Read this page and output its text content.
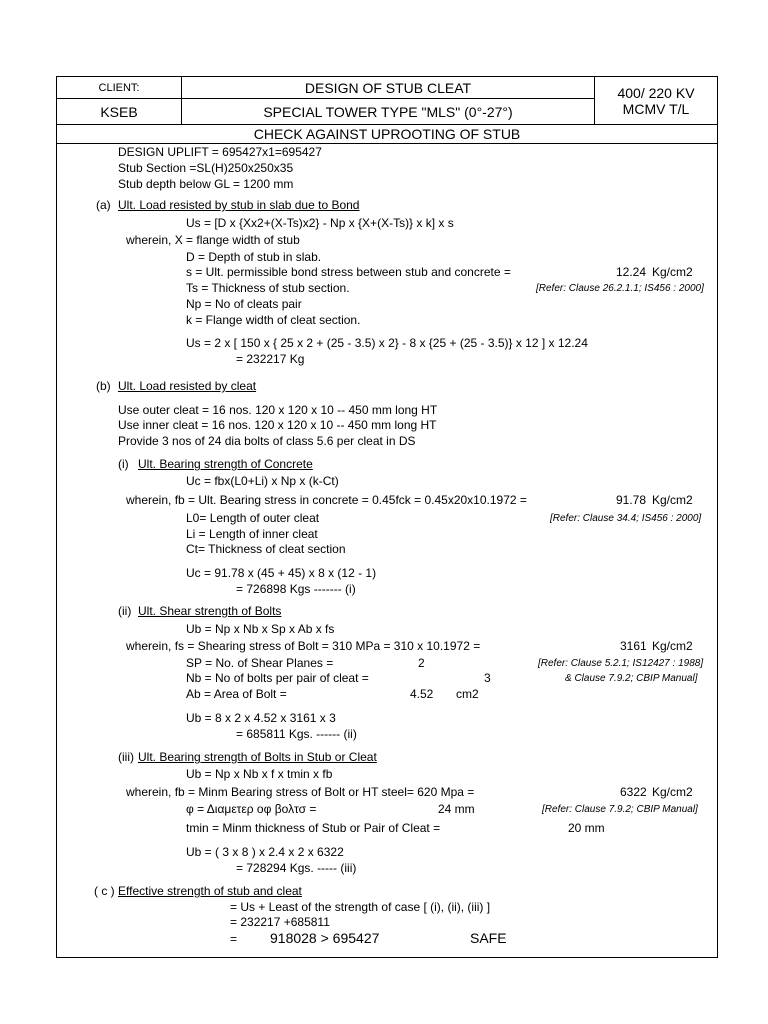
CLIENT:
KSEB
DESIGN OF STUB CLEAT
SPECIAL TOWER TYPE "MLS" (0°-27°)
400/ 220 KV
MCMV T/L
CHECK AGAINST UPROOTING OF STUB
DESIGN UPLIFT = 695427x1=695427
Stub Section =SL(H)250x250x35
Stub depth below GL = 1200 mm
(a) Ult. Load resisted by stub in slab due to Bond
Us = [D x {Xx2+(X-Ts)x2} - Np x {X+(X-Ts)} x k] x s
wherein, X = flange width of stub
D = Depth of stub in slab.
s = Ult. permissible bond stress between stub and concrete =	12.24 Kg/cm2
Ts = Thickness of stub section.	[Refer: Clause 26.2.1.1; IS456 : 2000]
Np = No of cleats pair
k = Flange width of cleat section.
Us = 2 x [ 150 x { 25 x 2 + (25 - 3.5) x 2} - 8 x {25 + (25 - 3.5)} x 12 ] x 12.24
= 232217 Kg
(b) Ult. Load resisted by cleat
Use outer cleat = 16 nos. 120 x 120 x 10 -- 450 mm long HT
Use inner cleat = 16 nos. 120 x 120 x 10 -- 450 mm long HT
Provide 3 nos of 24 dia bolts of class 5.6 per cleat in DS
(i) Ult. Bearing strength of Concrete
Uc = fbx(L0+Li) x Np x (k-Ct)
wherein, fb = Ult. Bearing stress in concrete = 0.45fck = 0.45x20x10.1972 =	91.78 Kg/cm2
L0= Length of outer cleat	[Refer: Clause 34.4; IS456 : 2000]
Li = Length of inner cleat
Ct= Thickness of cleat section
Uc = 91.78 x (45 + 45) x 8 x (12 - 1)
= 726898 Kgs ------- (i)
(ii) Ult. Shear strength of Bolts
Ub = Np x Nb x Sp x Ab x fs
wherein, fs = Shearing stress of Bolt = 310 MPa = 310 x 10.1972 =	3161 Kg/cm2
SP = No. of Shear Planes =	2	[Refer: Clause 5.2.1; IS12427 : 1988]
Nb = No of bolts per pair of cleat =	3	& Clause 7.9.2; CBIP Manual]
Ab = Area of Bolt =	4.52 cm2
Ub = 8 x 2 x 4.52 x 3161 x 3
= 685811 Kgs. ------ (ii)
(iii) Ult. Bearing strength of Bolts in Stub or Cleat
Ub = Np x Nb x f x tmin x fb
wherein, fb = Minm Bearing stress of Bolt or HT steel= 620 Mpa =	6322 Kg/cm2
φ = Διαμετερ οφ βολτσ =	24 mm	[Refer: Clause 7.9.2; CBIP Manual]
tmin = Minm thickness of Stub or Pair of Cleat =	20 mm
Ub = ( 3 x 8 ) x 2.4 x 2 x 6322
= 728294 Kgs. ----- (iii)
( c ) Effective strength of stub and cleat
= Us + Least of the strength of case [ (i), (ii), (iii) ]
= 232217 +685811
= 918028 > 695427	SAFE
